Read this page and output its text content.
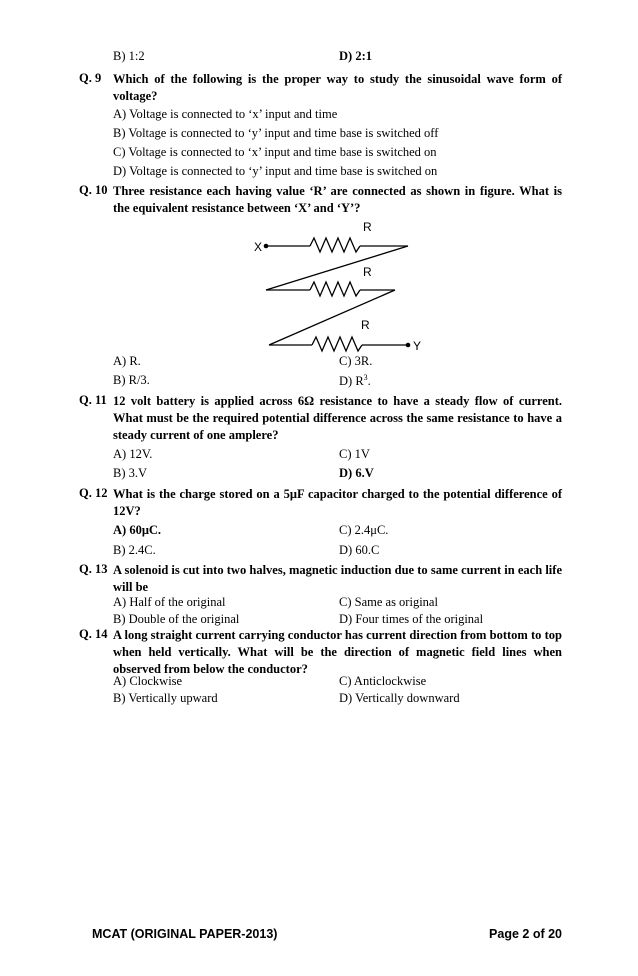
B) 1:2	D) 2:1
Q. 9 Which of the following is the proper way to study the sinusoidal wave form of
voltage?
A) Voltage is connected to ‘x’ input and time
B) Voltage is connected to ‘y’ input and time base is switched off
C) Voltage is connected to ‘x’ input and time base is switched on
D) Voltage is connected to ‘y’ input and time base is switched on
Q. 10 Three resistance each having value ‘R’ are connected as shown in figure. What is
the equivalent resistance between ‘X’ and ‘Y’?
X
R
R
R
Y
A) R.	C) 3R.
B) R/3.	D) $R^3$.
Q. 11 12 volt battery is applied across 6Ω resistance to have a steady flow of current.
What must be the required potential difference across the same resistance to have a
steady current of one amplere?
A) 12V.	C) 1V
B) 3.V	D) 6.V
Q. 12 What is the charge stored on a 5μF capacitor charged to the potential difference of
12V?
A) 60μC.	C) 2.4μC.
B) 2.4C.	D) 60.C
Q. 13 A solenoid is cut into two halves, magnetic induction due to same current in each life
will be
A) Half of the original	C) Same as original
B) Double of the original	D) Four times of the original
Q. 14 A long straight current carrying conductor has current direction from bottom to top
when held vertically. What will be the direction of magnetic field lines when
observed from below the conductor?
A) Clockwise	C) Anticlockwise
B) Vertically upward	D) Vertically downward
MCAT (ORIGINAL PAPER-2013)	Page 2 of 20
